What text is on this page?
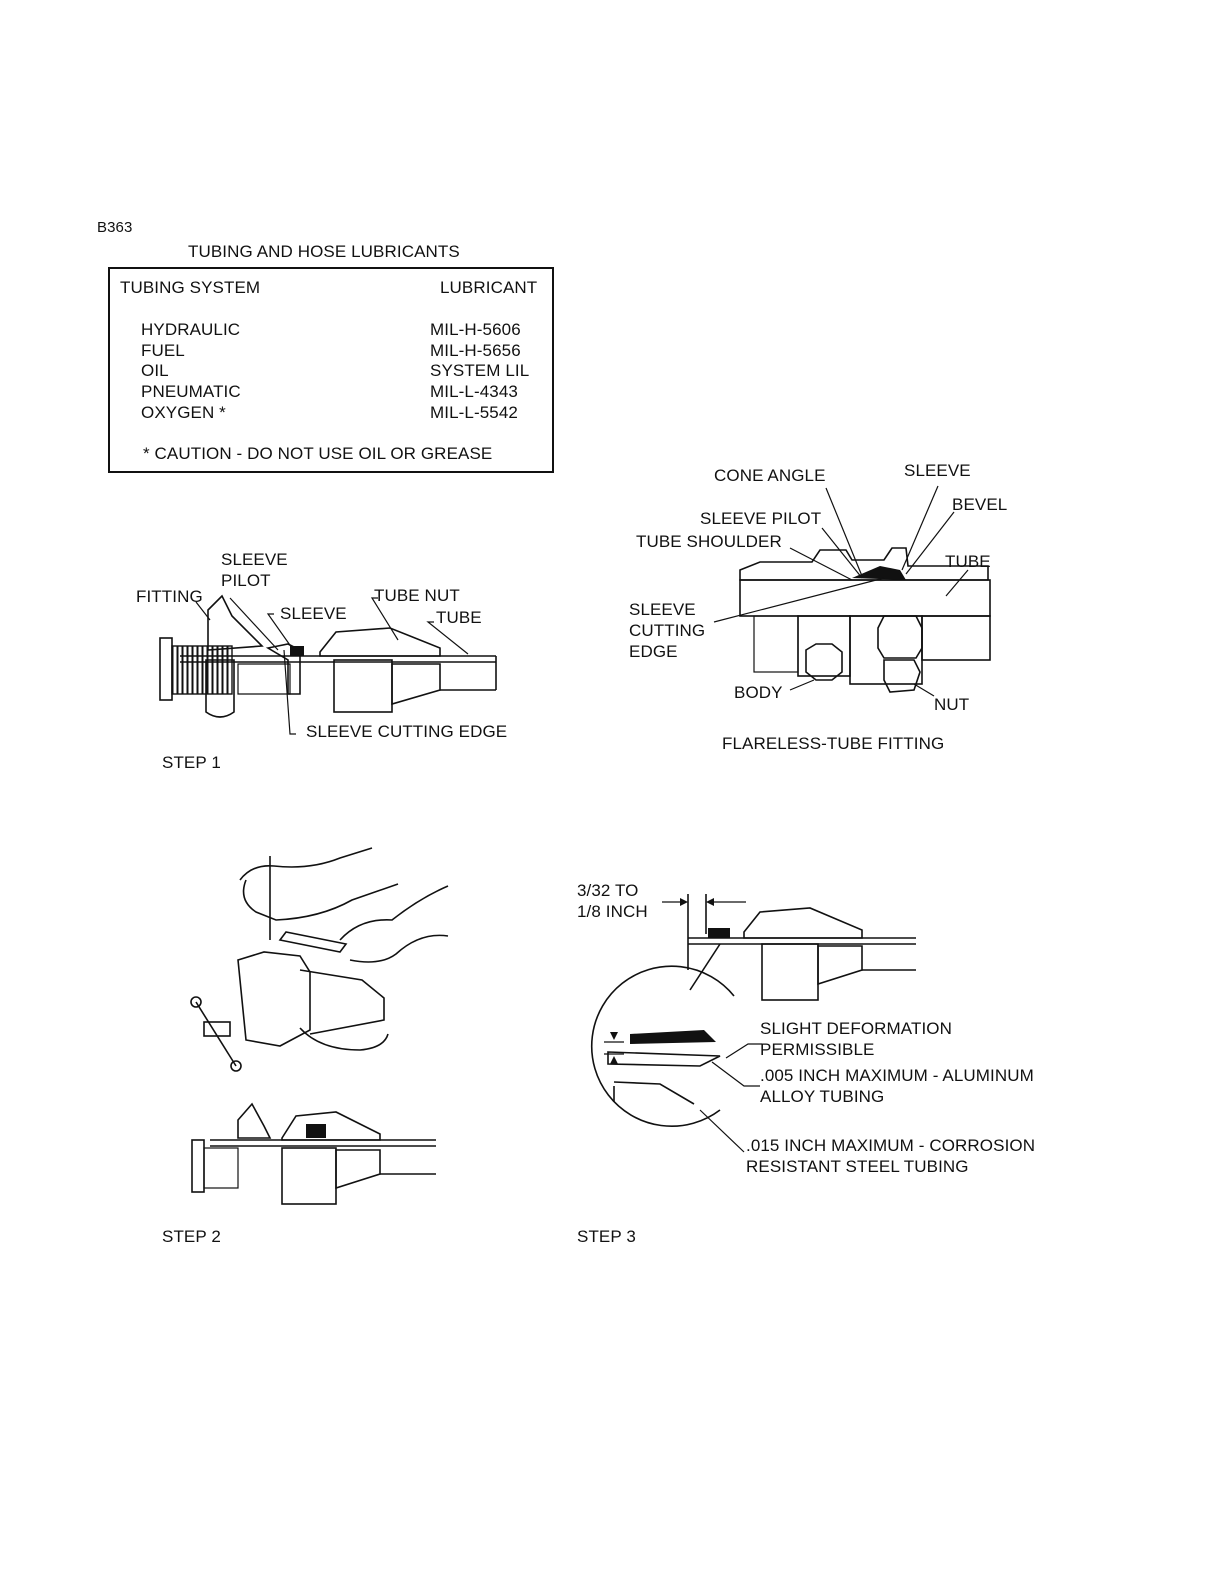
B363
TUBING AND HOSE LUBRICANTS
TUBING SYSTEM	LUBRICANT
HYDRAULIC	MIL-H-5606
FUEL	MIL-H-5656
OIL	SYSTEM LIL
PNEUMATIC	MIL-L-4343
OXYGEN *	MIL-L-5542
* CAUTION - DO NOT USE OIL OR GREASE
SLEEVE
PILOT
FITTING
SLEEVE
TUBE NUT
TUBE
SLEEVE CUTTING EDGE
STEP 1
CONE ANGLE	SLEEVE
BEVEL
SLEEVE PILOT
TUBE SHOULDER
TUBE
SLEEVE
CUTTING
EDGE
BODY
NUT
FLARELESS-TUBE FITTING
STEP 2
3/32 TO
1/8 INCH
SLIGHT DEFORMATION
PERMISSIBLE
.005 INCH MAXIMUM - ALUMINUM
ALLOY TUBING
.015 INCH MAXIMUM - CORROSION
RESISTANT STEEL TUBING
STEP 3
